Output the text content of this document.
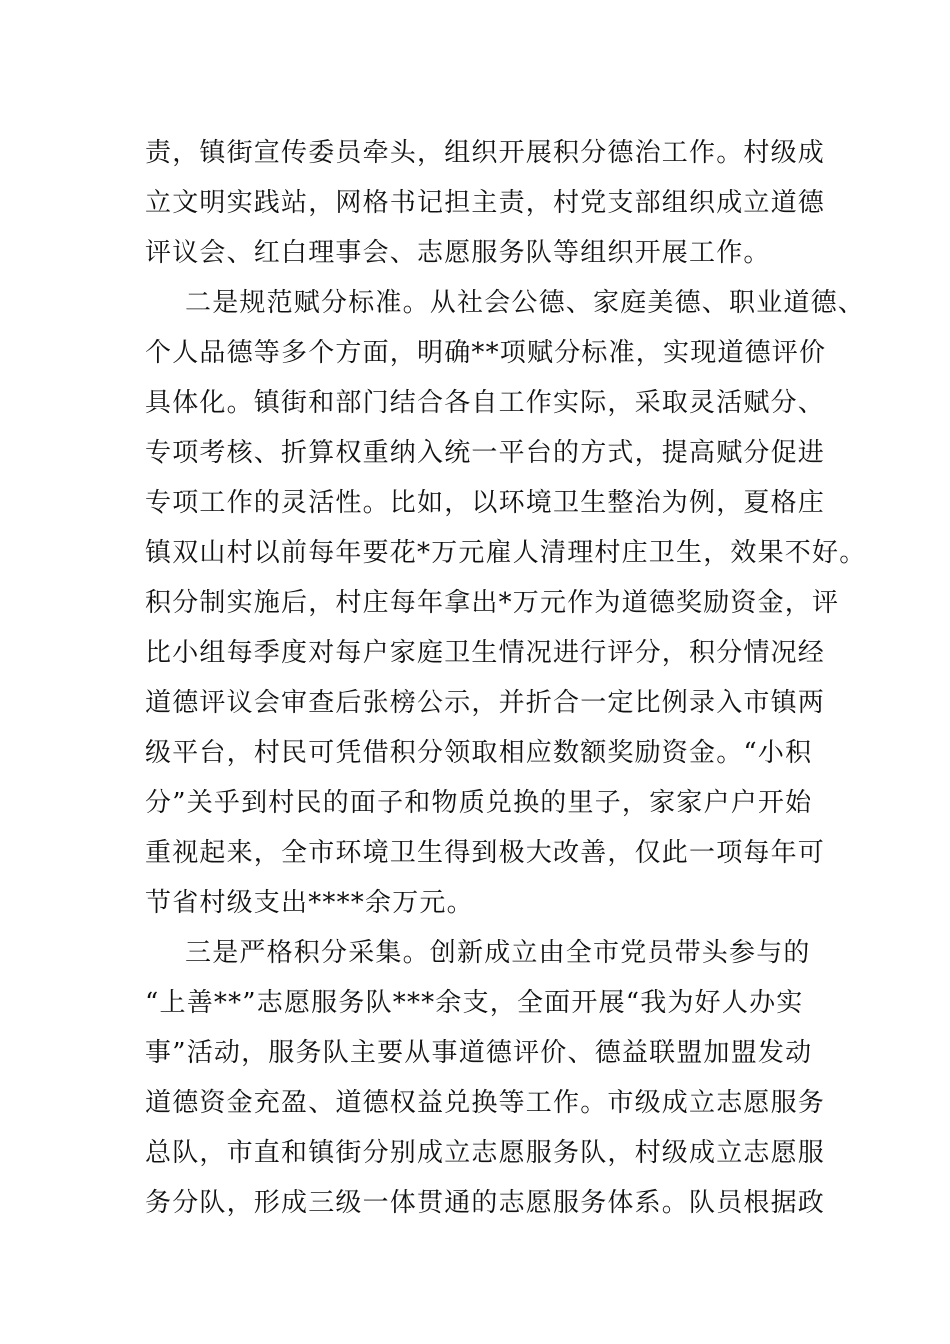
责，镇街宣传委员牵头，组织开展积分德治工作。村级成
立文明实践站，网格书记担主责，村党支部组织成立道德
评议会、红白理事会、志愿服务队等组织开展工作。
二是规范赋分标准。从社会公德、家庭美德、职业道德、
个人品德等多个方面，明确**项赋分标准，实现道德评价
具体化。镇街和部门结合各自工作实际，采取灵活赋分、
专项考核、折算权重纳入统一平台的方式，提高赋分促进
专项工作的灵活性。比如，以环境卫生整治为例，夏格庄
镇双山村以前每年要花*万元雇人清理村庄卫生，效果不好。
积分制实施后，村庄每年拿出*万元作为道德奖励资金，评
比小组每季度对每户家庭卫生情况进行评分，积分情况经
道德评议会审查后张榜公示，并折合一定比例录入市镇两
级平台，村民可凭借积分领取相应数额奖励资金。“小积
分”关乎到村民的面子和物质兑换的里子，家家户户开始
重视起来，全市环境卫生得到极大改善，仅此一项每年可
节省村级支出****余万元。
三是严格积分采集。创新成立由全市党员带头参与的
“上善**”志愿服务队***余支，全面开展“我为好人办实
事”活动，服务队主要从事道德评价、德益联盟加盟发动
道德资金充盈、道德权益兑换等工作。市级成立志愿服务
总队，市直和镇街分别成立志愿服务队，村级成立志愿服
务分队，形成三级一体贯通的志愿服务体系。队员根据政
